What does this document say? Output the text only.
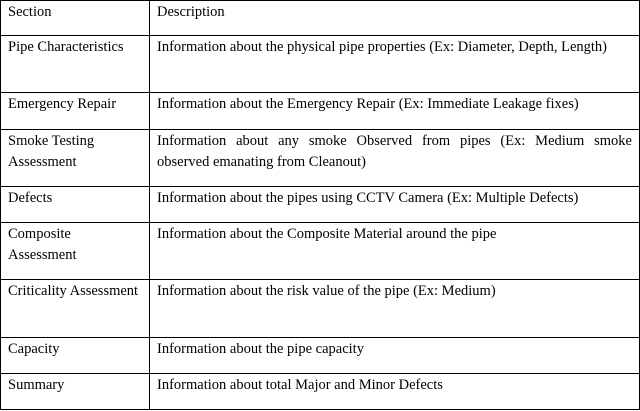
Section	Description
Pipe Characteristics	Information about the physical pipe properties (Ex: Diameter, Depth, Length)
Emergency Repair	Information about the Emergency Repair (Ex: Immediate Leakage fixes)
Smoke Testing Assessment	Information about any smoke Observed from pipes (Ex: Medium smoke observed emanating from Cleanout)
Defects	Information about the pipes using CCTV Camera (Ex: Multiple Defects)
Composite Assessment	Information about the Composite Material around the pipe
Criticality Assessment	Information about the risk value of the pipe (Ex: Medium)
Capacity	Information about the pipe capacity
Summary	Information about total Major and Minor Defects
